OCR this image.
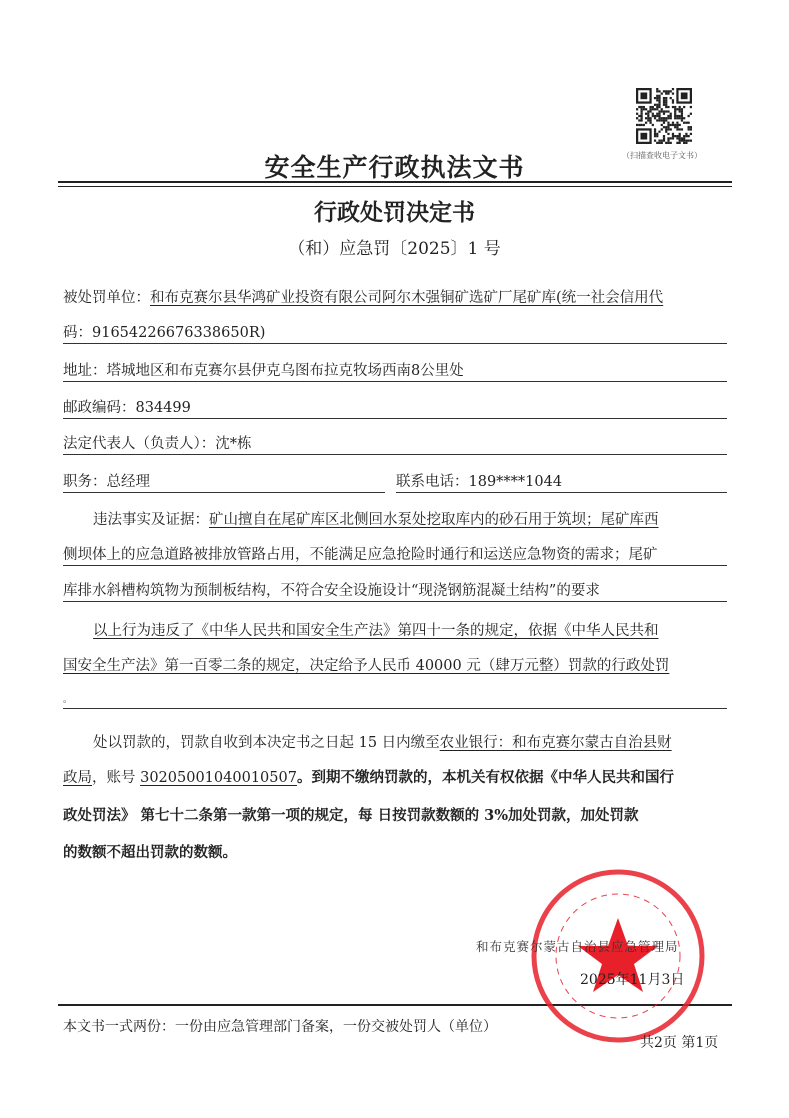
（扫描查收电子文书）
安全生产行政执法文书
行政处罚决定书
（和）应急罚〔2025〕1 号
被处罚单位：和布克赛尔县华鸿矿业投资有限公司阿尔木强铜矿选矿厂尾矿库(统一社会信用代
码：91654226676338650R)
地址：塔城地区和布克赛尔县伊克乌图布拉克牧场西南8公里处
邮政编码：834499
法定代表人（负责人）：沈*栋
职务：总经理	联系电话：189****1044
违法事实及证据：矿山擅自在尾矿库区北侧回水泵处挖取库内的砂石用于筑坝；尾矿库西
侧坝体上的应急道路被排放管路占用，不能满足应急抢险时通行和运送应急物资的需求；尾矿
库排水斜槽构筑物为预制板结构，不符合安全设施设计“现浇钢筋混凝土结构”的要求
以上行为违反了《中华人民共和国安全生产法》第四十一条的规定，依据《中华人民共和
国安全生产法》第一百零二条的规定，决定给予人民币 40000 元（肆万元整）罚款的行政处罚
。
处以罚款的，罚款自收到本决定书之日起 15 日内缴至农业银行：和布克赛尔蒙古自治县财
政局，账号 30205001040010507。到期不缴纳罚款的，本机关有权依据《中华人民共和国行
政处罚法》 第七十二条第一款第一项的规定，每 日按罚款数额的 3%加处罚款，加处罚款
的数额不超出罚款的数额。
和布克赛尔蒙古自治县应急管理局
2025年11月3日
本文书一式两份：一份由应急管理部门备案，一份交被处罚人（单位）
共2页 第1页
